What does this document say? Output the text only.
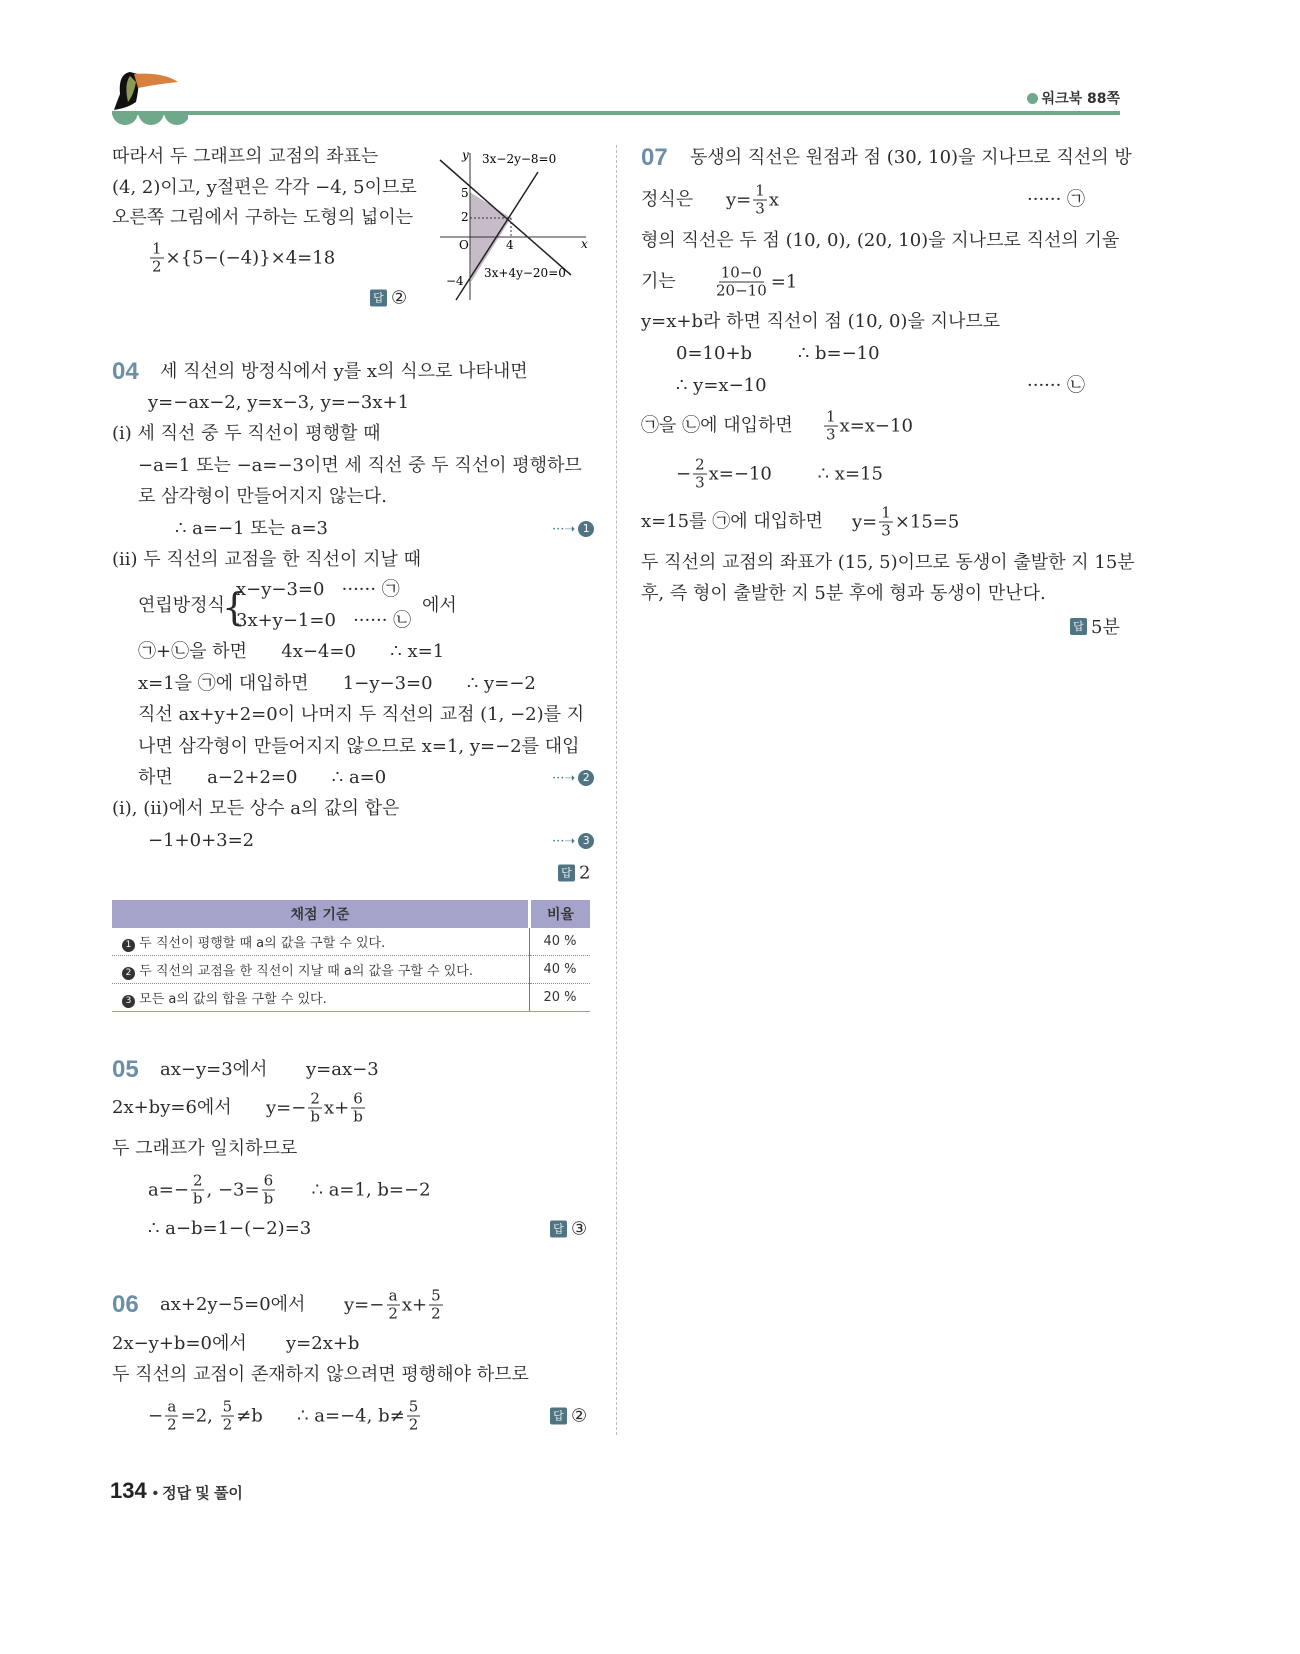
워크북 88쪽
따라서 두 그래프의 교점의 좌표는
(4, 2)이고, y절편은 각각 −4, 5이므로
오른쪽 그림에서 구하는 도형의 넓이는
$\frac{1}{2} \times\{5-(-4)\}\times 4=18$
답 ②
y
x
3x−2y−8=0
3x+4y−20=0
O
5
2
4
−4
04 세 직선의 방정식에서 y를 x의 식으로 나타내면
y=−ax−2, y=x−3, y=−3x+1
(i) 세 직선 중 두 직선이 평행할 때
−a=1 또는 −a=−3이면 세 직선 중 두 직선이 평행하므
로 삼각형이 만들어지지 않는다.
∴ a=−1 또는 a=3	···➝ 1
(ii) 두 직선의 교점을 한 직선이 지날 때
연립방정식
{
x−y−3=0   ······ ㉠
3x+y−1=0   ······ ㉡
에서
㉠+㉡을 하면      4x−4=0      ∴ x=1
x=1을 ㉠에 대입하면      1−y−3=0      ∴ y=−2
직선 ax+y+2=0이 나머지 두 직선의 교점 (1, −2)를 지
나면 삼각형이 만들어지지 않으므로 x=1, y=−2를 대입
하면      a−2+2=0      ∴ a=0	···➝ 2
(i), (ii)에서 모든 상수 a의 값의 합은
−1+0+3=2	···➝ 3
답 2
채점 기준	비율
1 두 직선이 평행할 때 a의 값을 구할 수 있다.	40 %
2 두 직선의 교점을 한 직선이 지날 때 a의 값을 구할 수 있다.	40 %
3 모든 a의 값의 합을 구할 수 있다.	20 %
05 ax−y=3에서 y=ax−3
2x+by=6에서 $y=- \frac{2}{b} x+ \frac{6}{b}$
두 그래프가 일치하므로
$a=- \frac{2}{b}$ , $-3= \frac{6}{b}$ ∴ a=1, b=−2
∴ a−b=1−(−2)=3	답 ③
06 ax+2y−5=0에서 $y=- \frac{a}{2} x+ \frac{5}{2}$
2x−y+b=0에서 y=2x+b
두 직선의 교점이 존재하지 않으려면 평행해야 하므로
− $\frac{a}{2} =2$, $\frac{5}{2} \ne b$      ∴ a=−4, $b\ne \frac{5}{2}$	답 ②
07 동생의 직선은 원점과 점 (30, 10)을 지나므로 직선의 방
정식은 $y= \frac{1}{3}$ x	······ ㉠
형의 직선은 두 점 (10, 0), (20, 10)을 지나므로 직선의 기울
기는	$\frac{10-0}{20-10} =1$
y=x+b라 하면 직선이 점 (10, 0)을 지나므로
0=10+b        ∴ b=−10
∴ y=x−10	······ ㉡
㉠을 ㉡에 대입하면 $\frac{1}{3} x=x-10$
− $\frac{2}{3} x=-10$        ∴ x=15
x=15를 ㉠에 대입하면 $y= \frac{1}{3} \times 15=5$
두 직선의 교점의 좌표가 (15, 5)이므로 동생이 출발한 지 15분
후, 즉 형이 출발한 지 5분 후에 형과 동생이 만난다.
답 5분
134 • 정답 및 풀이
